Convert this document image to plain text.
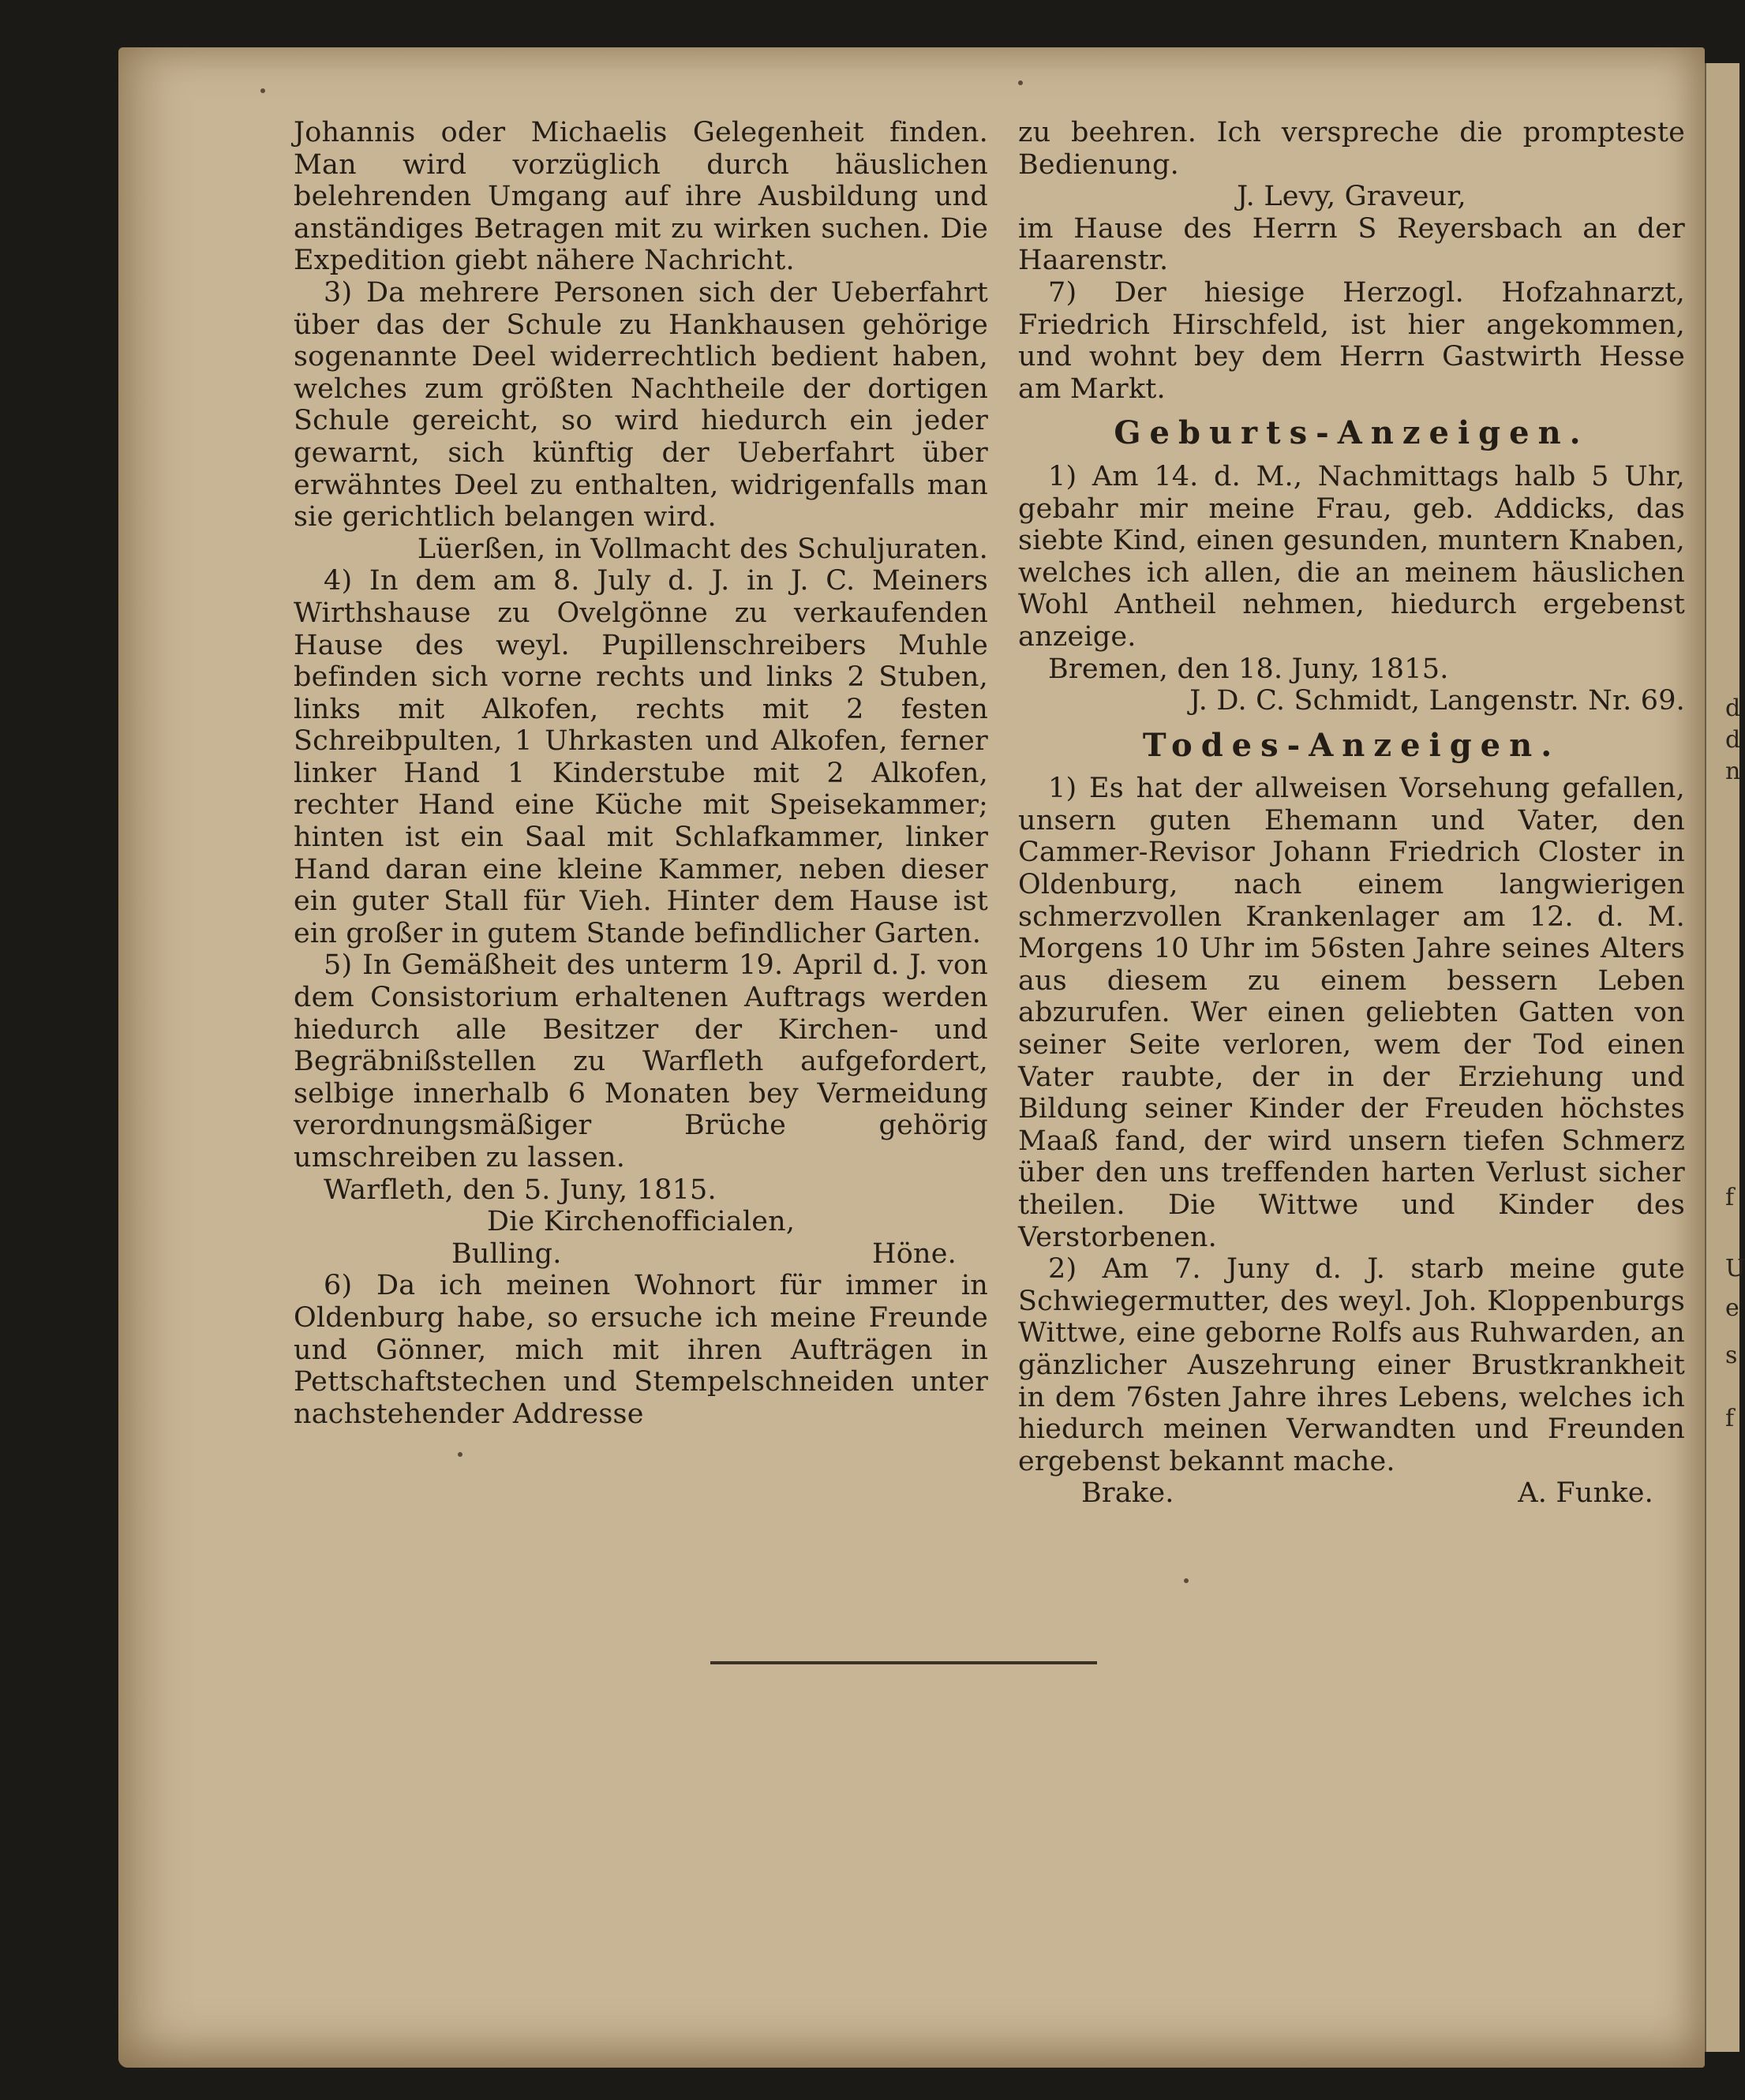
d
d
n
f
U
e
s
f

Johannis oder Michaelis Gelegenheit finden. Man wird vorzüglich durch häuslichen belehrenden Umgang auf ihre Ausbildung und anständiges Betragen mit zu wirken suchen. Die Expedition giebt nähere Nachricht.

3) Da mehrere Personen sich der Ueberfahrt über das der Schule zu Hankhausen gehörige sogenannte Deel widerrechtlich bedient haben, welches zum größten Nachtheile der dortigen Schule gereicht, so wird hiedurch ein jeder gewarnt, sich künftig der Ueberfahrt über erwähntes Deel zu enthalten, widrigenfalls man sie gerichtlich belangen wird.

Lüerßen, in Vollmacht des Schuljuraten.

4) In dem am 8. July d. J. in J. C. Meiners Wirthshause zu Ovelgönne zu verkaufenden Hause des weyl. Pupillenschreibers Muhle befinden sich vorne rechts und links 2 Stuben, links mit Alkofen, rechts mit 2 festen Schreibpulten, 1 Uhrkasten und Alkofen, ferner linker Hand 1 Kinderstube mit 2 Alkofen, rechter Hand eine Küche mit Speisekammer; hinten ist ein Saal mit Schlafkammer, linker Hand daran eine kleine Kammer, neben dieser ein guter Stall für Vieh. Hinter dem Hause ist ein großer in gutem Stande befindlicher Garten.

5) In Gemäßheit des unterm 19. April d. J. von dem Consistorium erhaltenen Auftrags werden hiedurch alle Besitzer der Kirchen- und Begräbnißstellen zu Warfleth aufgefordert, selbige innerhalb 6 Monaten bey Vermeidung verordnungsmäßiger Brüche gehörig umschreiben zu lassen.

Warfleth, den 5. Juny, 1815.

Die Kirchenofficialen,

Bulling.	Höne.

6) Da ich meinen Wohnort für immer in Oldenburg habe, so ersuche ich meine Freunde und Gönner, mich mit ihren Aufträgen in Pettschaftstechen und Stempelschneiden unter nachstehender Addresse

zu beehren. Ich verspreche die prompteste Bedienung.

J. Levy, Graveur,

im Hause des Herrn S Reyersbach an der Haarenstr.

7) Der hiesige Herzogl. Hofzahnarzt, Friedrich Hirschfeld, ist hier angekommen, und wohnt bey dem Herrn Gastwirth Hesse am Markt.

Geburts-Anzeigen.

1) Am 14. d. M., Nachmittags halb 5 Uhr, gebahr mir meine Frau, geb. Addicks, das siebte Kind, einen gesunden, muntern Knaben, welches ich allen, die an meinem häuslichen Wohl Antheil nehmen, hiedurch ergebenst anzeige.

Bremen, den 18. Juny, 1815.

J. D. C. Schmidt, Langenstr. Nr. 69.

Todes-Anzeigen.

1) Es hat der allweisen Vorsehung gefallen, unsern guten Ehemann und Vater, den Cammer-Revisor Johann Friedrich Closter in Oldenburg, nach einem langwierigen schmerzvollen Krankenlager am 12. d. M. Morgens 10 Uhr im 56sten Jahre seines Alters aus diesem zu einem bessern Leben abzurufen. Wer einen geliebten Gatten von seiner Seite verloren, wem der Tod einen Vater raubte, der in der Erziehung und Bildung seiner Kinder der Freuden höchstes Maaß fand, der wird unsern tiefen Schmerz über den uns treffenden harten Verlust sicher theilen. Die Wittwe und Kinder des Verstorbenen.

2) Am 7. Juny d. J. starb meine gute Schwiegermutter, des weyl. Joh. Kloppenburgs Wittwe, eine geborne Rolfs aus Ruhwarden, an gänzlicher Auszehrung einer Brustkrankheit in dem 76sten Jahre ihres Lebens, welches ich hiedurch meinen Verwandten und Freunden ergebenst bekannt mache.

Brake.	A. Funke.
